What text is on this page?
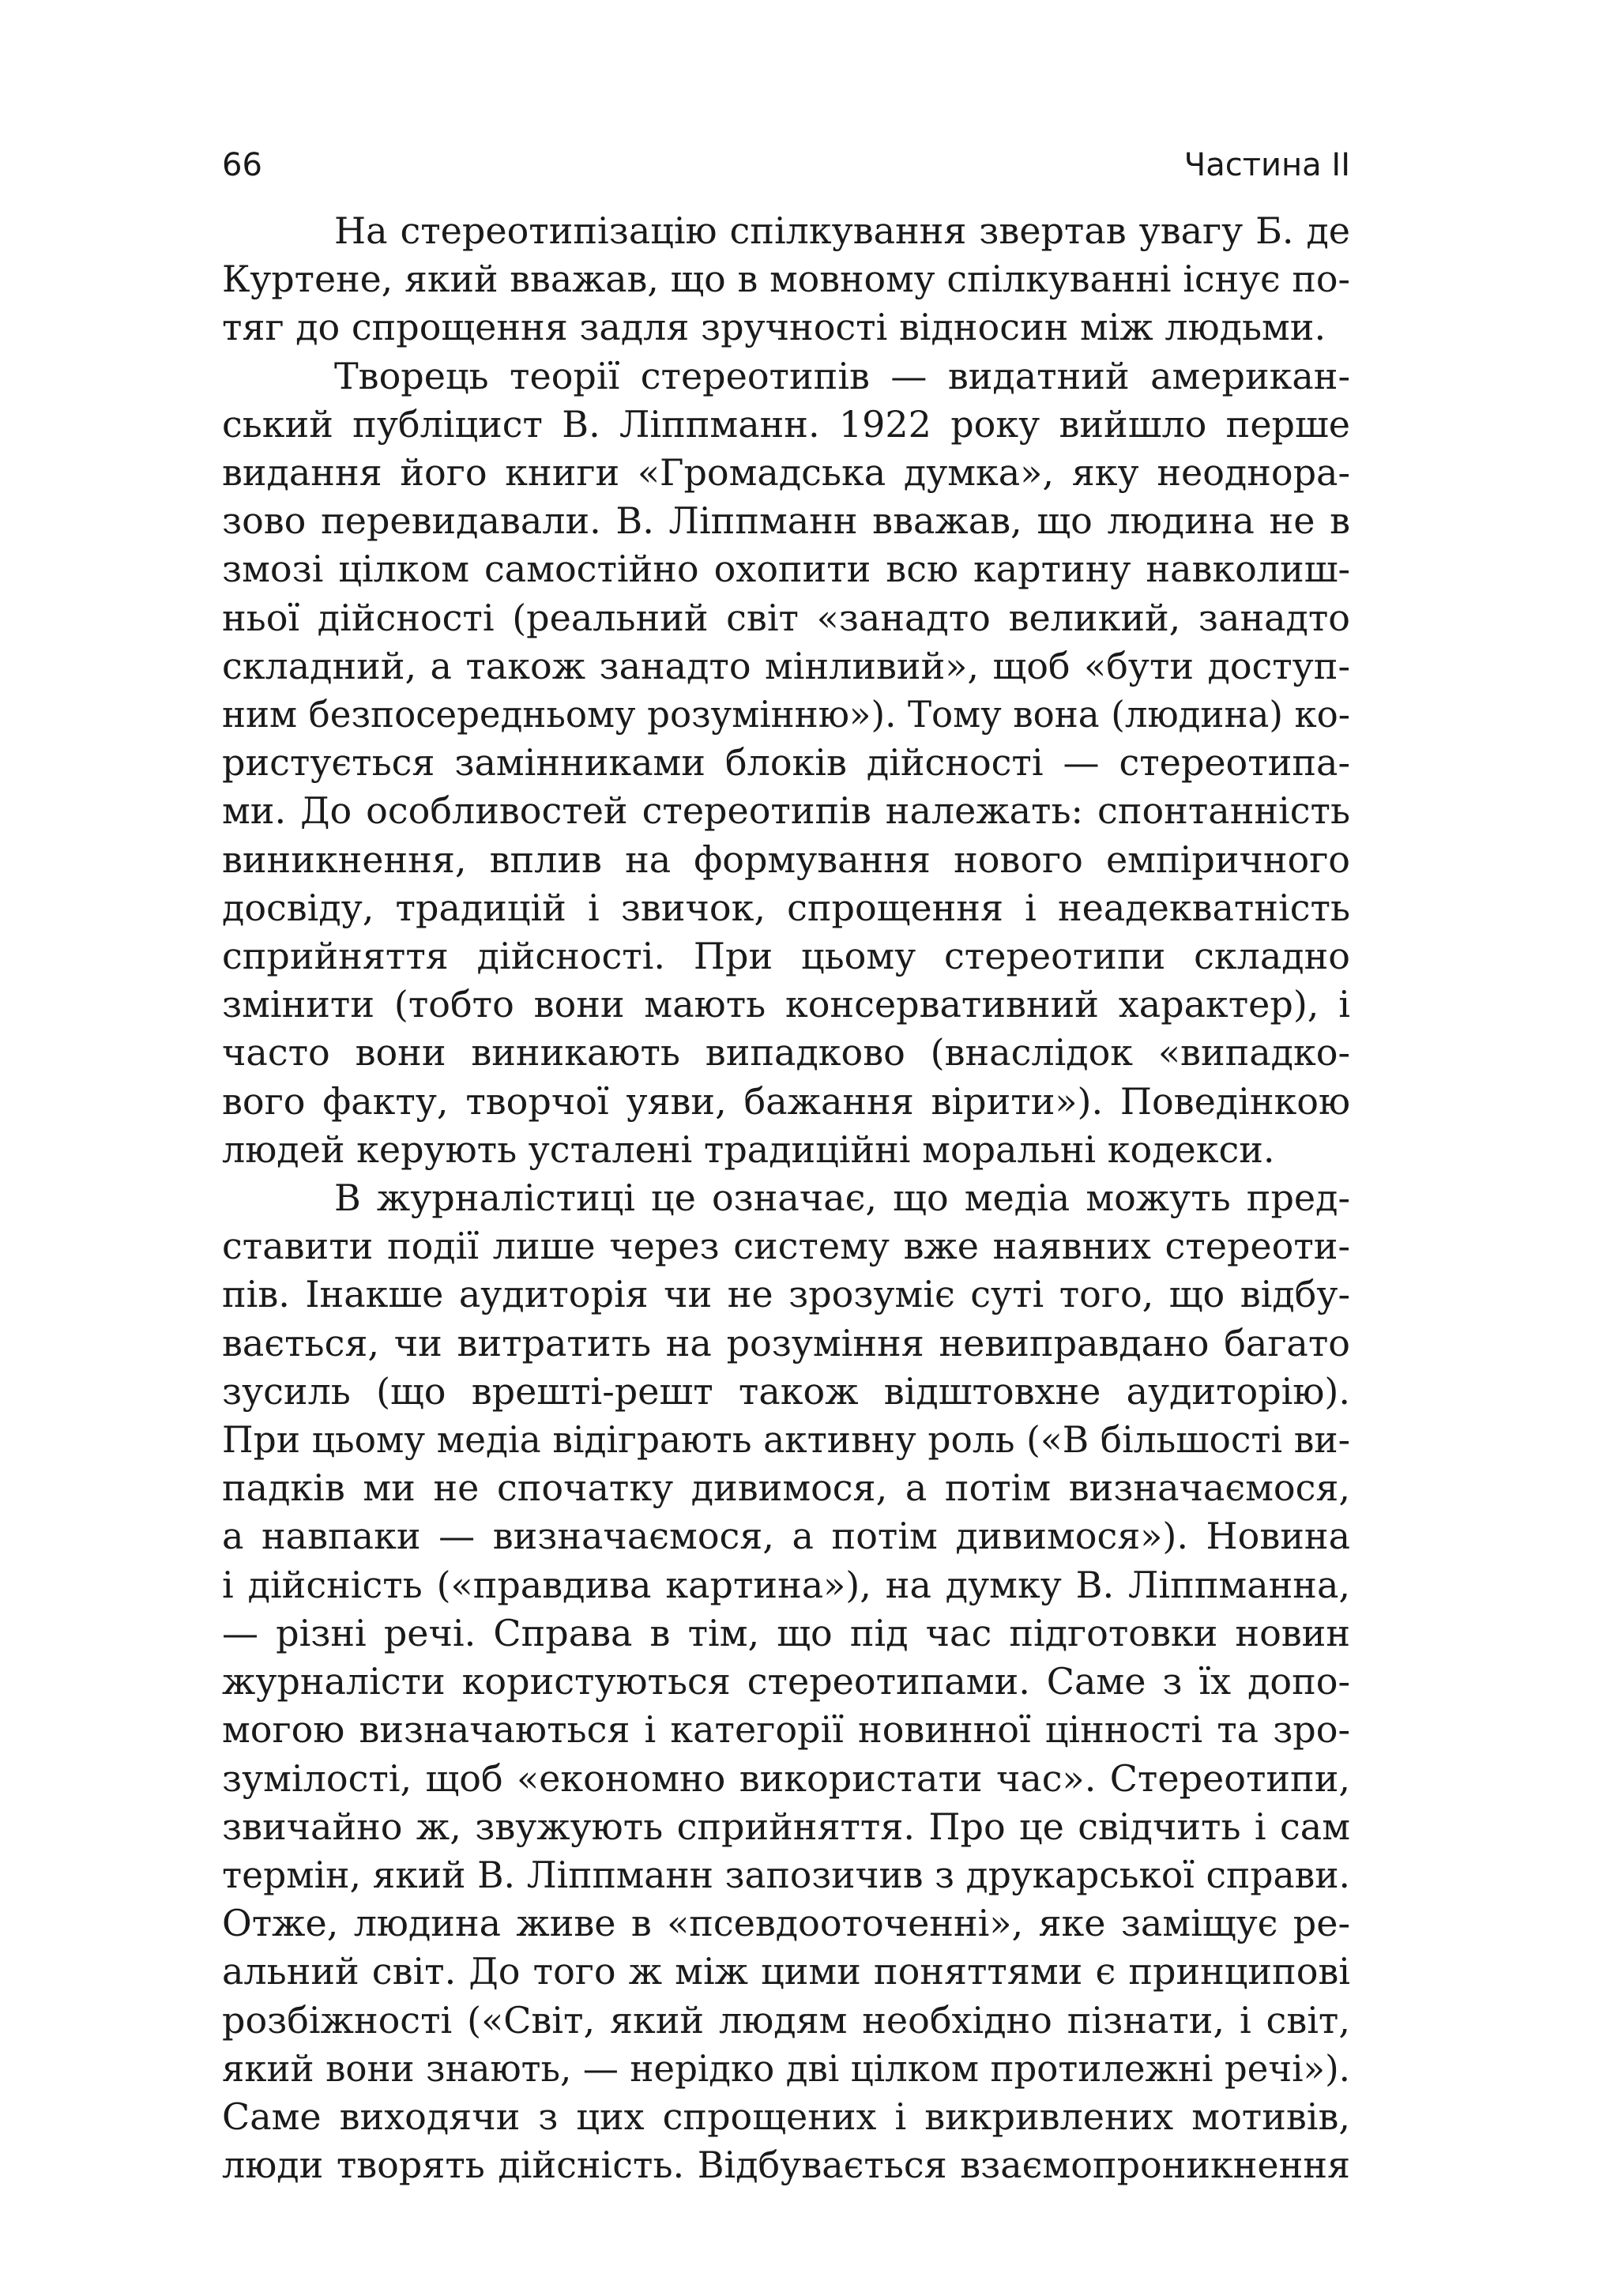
66	Частина ІІ

На стереотипізацію спілкування звертав увагу Б. де
Куртене, який вважав, що в мовному спілкуванні існує по-
тяг до спрощення задля зручності відносин між людьми.

Творець теорії стереотипів — видатний американ-
ський публіцист В. Ліппманн. 1922 року вийшло перше
видання його книги «Громадська думка», яку неоднора-
зово перевидавали. В. Ліппманн вважав, що людина не в
змозі цілком самостійно охопити всю картину навколиш-
ньої дійсності (реальний світ «занадто великий, занадто
складний, а також занадто мінливий», щоб «бути доступ-
ним безпосередньому розумінню»). Тому вона (людина) ко-
ристується замінниками блоків дійсності — стереотипа-
ми. До особливостей стереотипів належать: спонтанність
виникнення, вплив на формування нового емпіричного
досвіду, традицій і звичок, спрощення і неадекватність
сприйняття дійсності. При цьому стереотипи складно
змінити (тобто вони мають консервативний характер), і
часто вони виникають випадково (внаслідок «випадко-
вого факту, творчої уяви, бажання вірити»). Поведінкою
людей керують усталені традиційні моральні кодекси.

В журналістиці це означає, що медіа можуть пред-
ставити події лише через систему вже наявних стереоти-
пів. Інакше аудиторія чи не зрозуміє суті того, що відбу-
вається, чи витратить на розуміння невиправдано багато
зусиль (що врешті-решт також відштовхне аудиторію).
При цьому медіа відіграють активну роль («В більшості ви-
падків ми не спочатку дивимося, а потім визначаємося,
а навпаки — визначаємося, а потім дивимося»). Новина
і дійсність («правдива картина»), на думку В. Ліппманна,
— різні речі. Справа в тім, що під час підготовки новин
журналісти користуються стереотипами. Саме з їх допо-
могою визначаються і категорії новинної цінності та зро-
зумілості, щоб «економно використати час». Стереотипи,
звичайно ж, звужують сприйняття. Про це свідчить і сам
термін, який В. Ліппманн запозичив з друкарської справи.
Отже, людина живе в «псевдооточенні», яке заміщує ре-
альний світ. До того ж між цими поняттями є принципові
розбіжності («Світ, який людям необхідно пізнати, і світ,
який вони знають, — нерідко дві цілком протилежні речі»).
Саме виходячи з цих спрощених і викривлених мотивів,
люди творять дійсність. Відбувається взаємопроникнення
